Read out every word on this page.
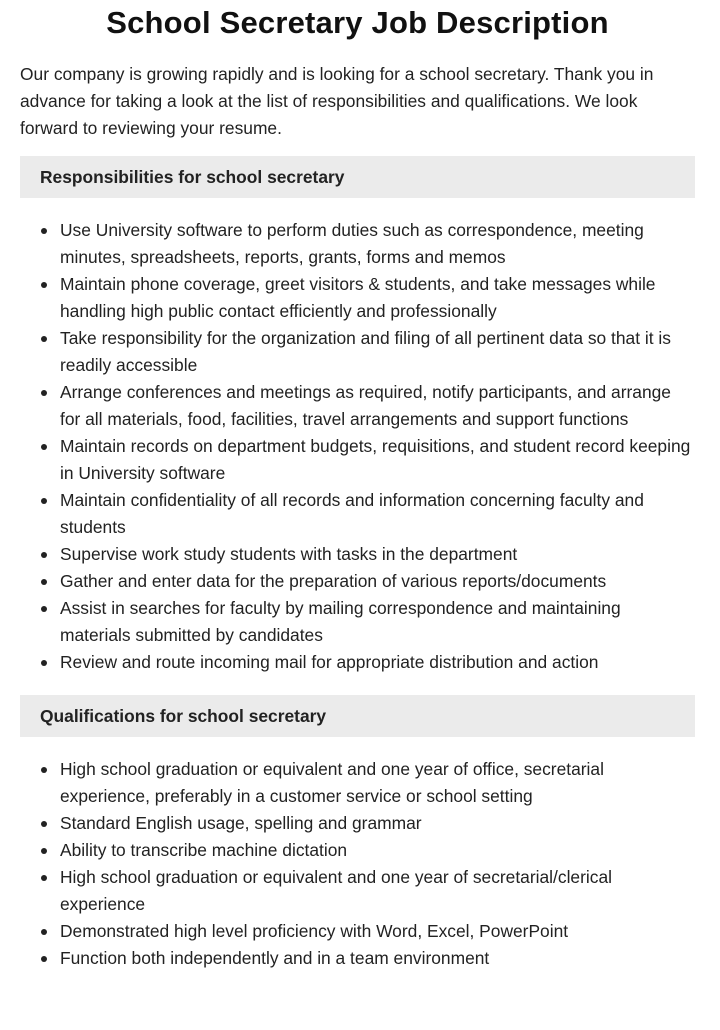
School Secretary Job Description

Our company is growing rapidly and is looking for a school secretary. Thank you in advance for taking a look at the list of responsibilities and qualifications. We look forward to reviewing your resume.

Responsibilities for school secretary
Use University software to perform duties such as correspondence, meeting minutes, spreadsheets, reports, grants, forms and memos
Maintain phone coverage, greet visitors & students, and take messages while handling high public contact efficiently and professionally
Take responsibility for the organization and filing of all pertinent data so that it is readily accessible
Arrange conferences and meetings as required, notify participants, and arrange for all materials, food, facilities, travel arrangements and support functions
Maintain records on department budgets, requisitions, and student record keeping in University software
Maintain confidentiality of all records and information concerning faculty and students
Supervise work study students with tasks in the department
Gather and enter data for the preparation of various reports/documents
Assist in searches for faculty by mailing correspondence and maintaining materials submitted by candidates
Review and route incoming mail for appropriate distribution and action
Qualifications for school secretary
High school graduation or equivalent and one year of office, secretarial experience, preferably in a customer service or school setting
Standard English usage, spelling and grammar
Ability to transcribe machine dictation
High school graduation or equivalent and one year of secretarial/clerical experience
Demonstrated high level proficiency with Word, Excel, PowerPoint
Function both independently and in a team environment
